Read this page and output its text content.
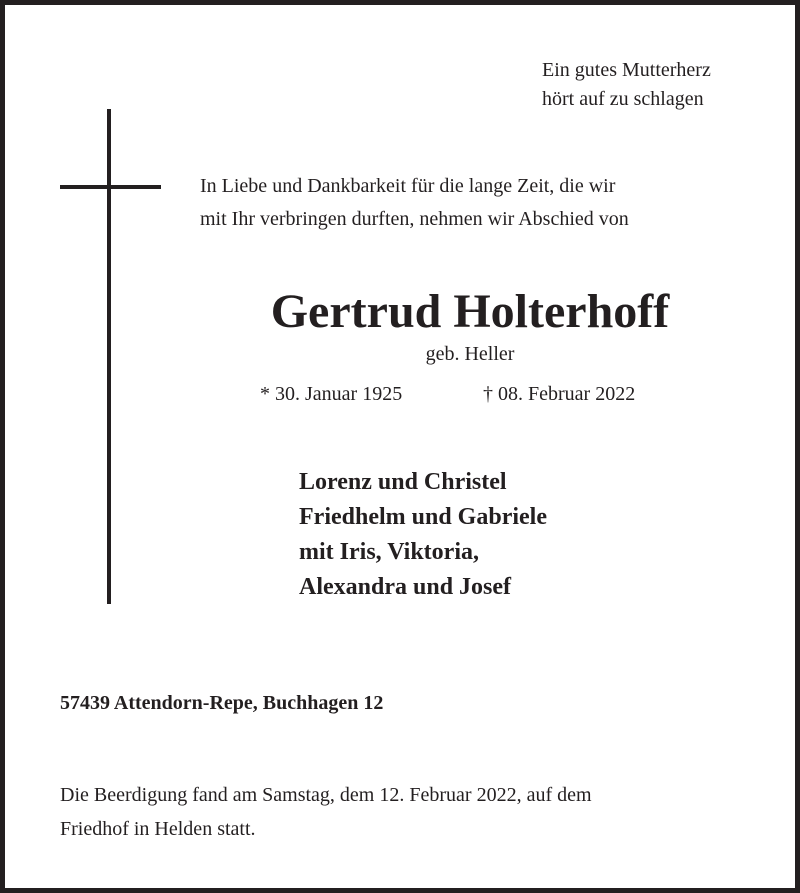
Ein gutes Mutterherz
hört auf zu schlagen
In Liebe und Dankbarkeit für die lange Zeit, die wir
mit Ihr verbringen durften, nehmen wir Abschied von
Gertrud Holterhoff
geb. Heller
* 30. Januar 1925	† 08. Februar 2022
Lorenz und Christel
Friedhelm und Gabriele
mit Iris, Viktoria,
Alexandra und Josef
57439 Attendorn-Repe, Buchhagen 12
Die Beerdigung fand am Samstag, dem 12. Februar 2022, auf dem
Friedhof in Helden statt.
